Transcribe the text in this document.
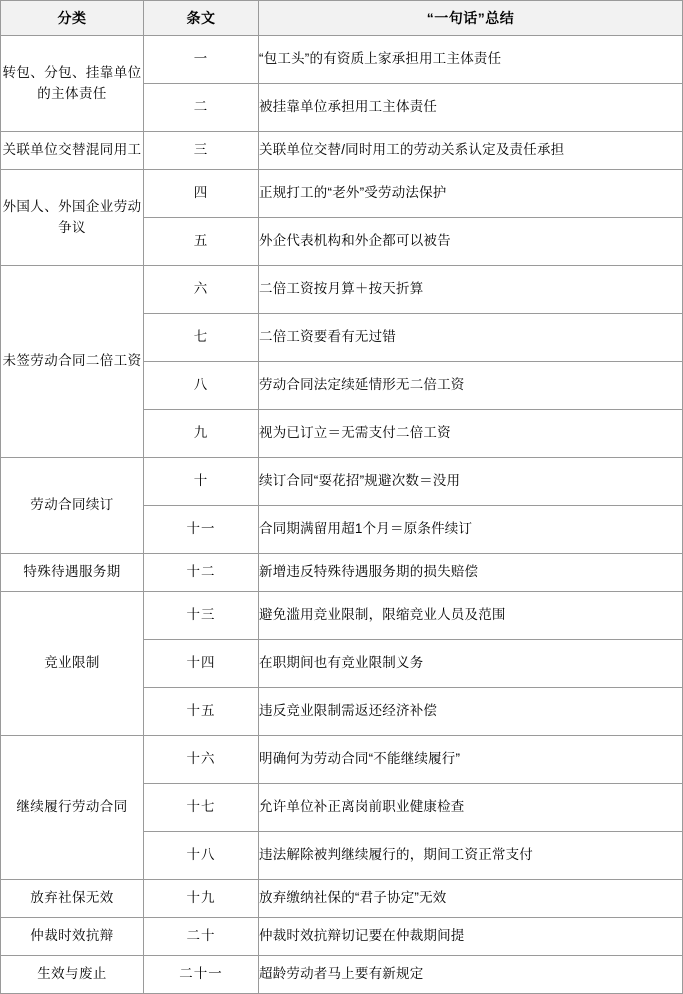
分类	条文	“一句话”总结
转包、分包、挂靠单位的主体责任	一	“包工头”的有资质上家承担用工主体责任
	二	被挂靠单位承担用工主体责任
关联单位交替混同用工	三	关联单位交替/同时用工的劳动关系认定及责任承担
外国人、外国企业劳动争议	四	正规打工的“老外”受劳动法保护
	五	外企代表机构和外企都可以被告
未签劳动合同二倍工资	六	二倍工资按月算＋按天折算
	七	二倍工资要看有无过错
	八	劳动合同法定续延情形无二倍工资
	九	视为已订立＝无需支付二倍工资
劳动合同续订	十	续订合同“耍花招”规避次数＝没用
	十一	合同期满留用超1个月＝原条件续订
特殊待遇服务期	十二	新增违反特殊待遇服务期的损失赔偿
竞业限制	十三	避免滥用竞业限制，限缩竞业人员及范围
	十四	在职期间也有竞业限制义务
	十五	违反竞业限制需返还经济补偿
继续履行劳动合同	十六	明确何为劳动合同“不能继续履行”
	十七	允许单位补正离岗前职业健康检查
	十八	违法解除被判继续履行的，期间工资正常支付
放弃社保无效	十九	放弃缴纳社保的“君子协定”无效
仲裁时效抗辩	二十	仲裁时效抗辩切记要在仲裁期间提
生效与废止	二十一	超龄劳动者马上要有新规定
